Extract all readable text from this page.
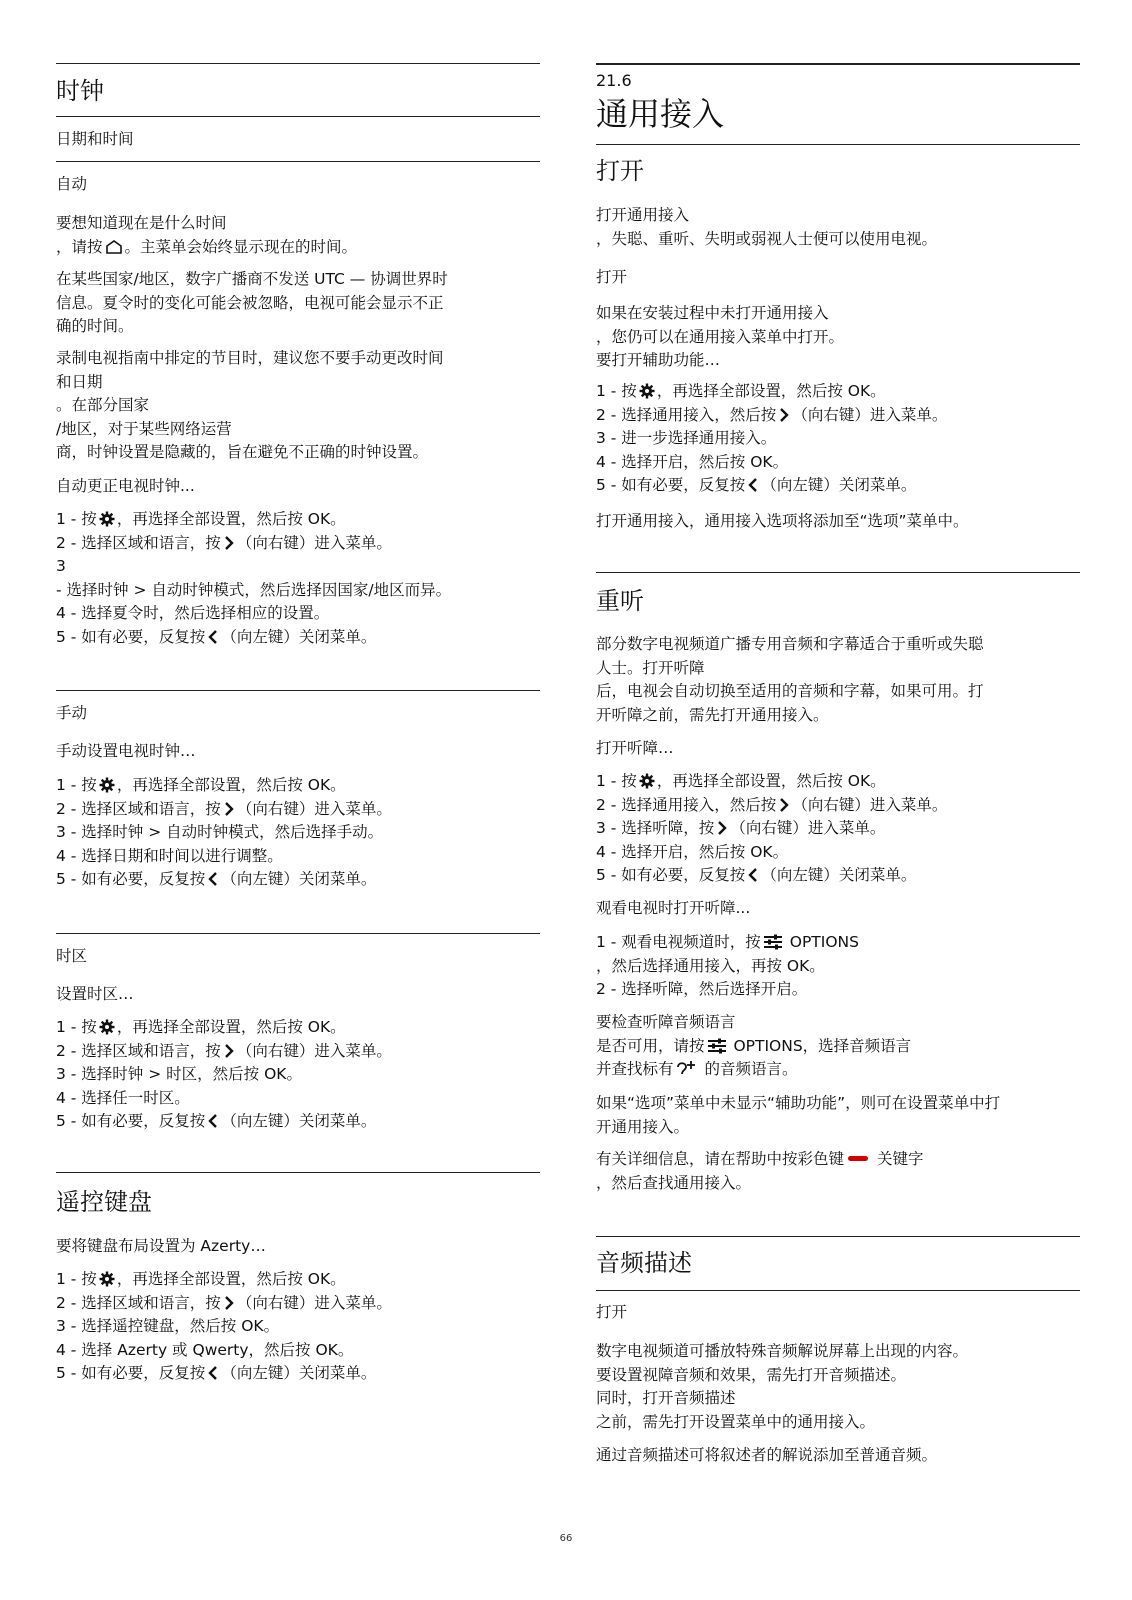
时钟
日期和时间
自动

要想知道现在是什么时间

，请按 。主菜单会始终显示现在的时间。

在某些国家/地区，数字广播商不发送 UTC — 协调世界时

信息。夏令时的变化可能会被忽略，电视可能会显示不正

确的时间。

录制电视指南中排定的节目时，建议您不要手动更改时间

和日期

。在部分国家

/地区，对于某些网络运营

商，时钟设置是隐藏的，旨在避免不正确的时钟设置。

自动更正电视时钟...

1 - 按 ，再选择全部设置，然后按 OK。

2 - 选择区域和语言，按 （向右键）进入菜单。

3

- 选择时钟 > 自动时钟模式，然后选择因国家/地区而异。

4 - 选择夏令时，然后选择相应的设置。

5 - 如有必要，反复按 （向左键）关闭菜单。

手动
手动设置电视时钟…

1 - 按 ，再选择全部设置，然后按 OK。

2 - 选择区域和语言，按 （向右键）进入菜单。

3 - 选择时钟 > 自动时钟模式，然后选择手动。

4 - 选择日期和时间以进行调整。

5 - 如有必要，反复按 （向左键）关闭菜单。

时区
设置时区…

1 - 按 ，再选择全部设置，然后按 OK。

2 - 选择区域和语言，按 （向右键）进入菜单。

3 - 选择时钟 > 时区，然后按 OK。

4 - 选择任一时区。

5 - 如有必要，反复按 （向左键）关闭菜单。

遥控键盘
要将键盘布局设置为 Azerty…

1 - 按 ，再选择全部设置，然后按 OK。

2 - 选择区域和语言，按 （向右键）进入菜单。

3 - 选择遥控键盘，然后按 OK。

4 - 选择 Azerty 或 Qwerty，然后按 OK。

5 - 如有必要，反复按 （向左键）关闭菜单。

21.6
通用接入
打开

打开通用接入

，失聪、重听、失明或弱视人士便可以使用电视。

打开

如果在安装过程中未打开通用接入

，您仍可以在通用接入菜单中打开。

要打开辅助功能…

1 - 按 ，再选择全部设置，然后按 OK。

2 - 选择通用接入，然后按 （向右键）进入菜单。

3 - 进一步选择通用接入。

4 - 选择开启，然后按 OK。

5 - 如有必要，反复按 （向左键）关闭菜单。

打开通用接入，通用接入选项将添加至“选项”菜单中。
重听

部分数字电视频道广播专用音频和字幕适合于重听或失聪

人士。打开听障

后，电视会自动切换至适用的音频和字幕，如果可用。打

开听障之前，需先打开通用接入。

打开听障…

1 - 按 ，再选择全部设置，然后按 OK。

2 - 选择通用接入，然后按 （向右键）进入菜单。

3 - 选择听障，按 （向右键）进入菜单。

4 - 选择开启，然后按 OK。

5 - 如有必要，反复按 （向左键）关闭菜单。

观看电视时打开听障...

1 - 观看电视频道时，按 OPTIONS

，然后选择通用接入，再按 OK。

2 - 选择听障，然后选择开启。

要检查听障音频语言

是否可用，请按 OPTIONS，选择音频语言

并查找标有 的音频语言。

如果“选项”菜单中未显示“辅助功能”，则可在设置菜单中打

开通用接入。

有关详细信息，请在帮助中按彩色键 关键字

，然后查找通用接入。

音频描述
打开

数字电视频道可播放特殊音频解说屏幕上出现的内容。

要设置视障音频和效果，需先打开音频描述。

同时，打开音频描述

之前，需先打开设置菜单中的通用接入。

通过音频描述可将叙述者的解说添加至普通音频。
66
